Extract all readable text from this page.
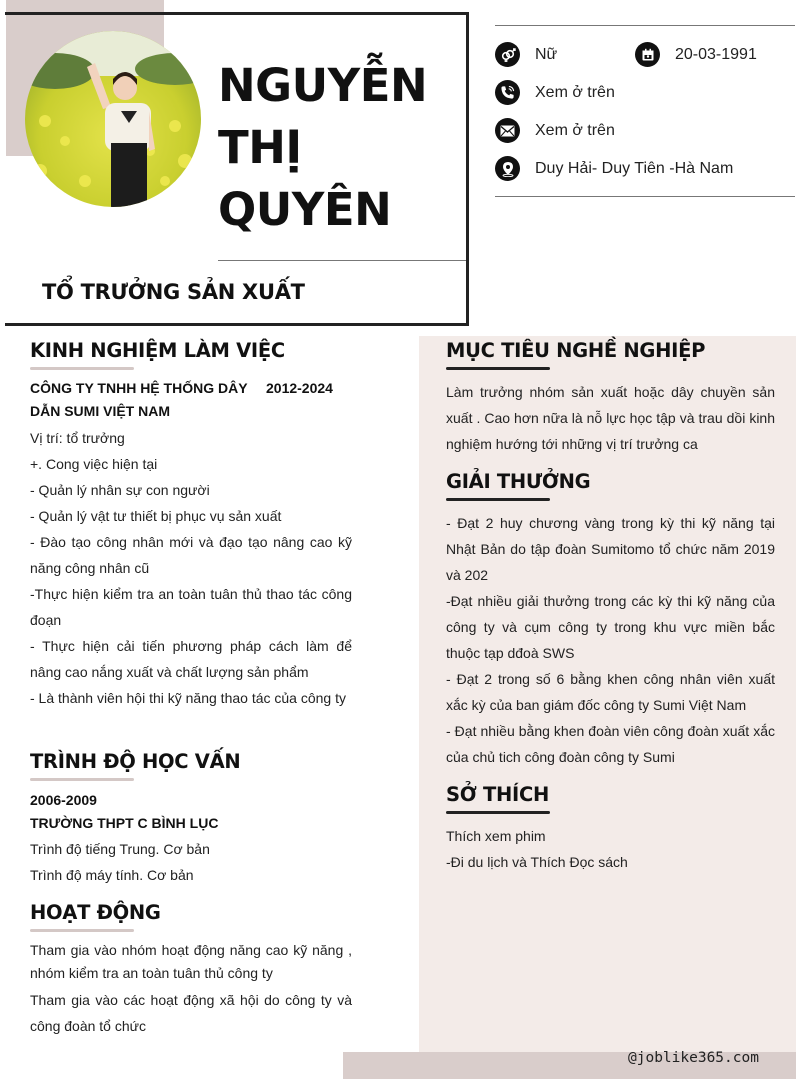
NGUYỄN
THỊ
QUYÊN
TỔ TRƯỞNG SẢN XUẤT
Nữ	20-03-1991
Xem ở trên
Xem ở trên
Duy Hải- Duy Tiên -Hà Nam
KINH NGHIỆM LÀM VIỆC
CÔNG TY TNHH HỆ THỐNG DÂY
DẪN SUMI VIỆT NAM
2012-2024
Vị trí: tổ trưởng
+. Cong việc hiện tại
- Quản lý nhân sự con người
- Quản lý vật tư thiết bị phục vụ sản xuất
- Đào tạo công nhân mới và đạo tạo nâng cao kỹ năng công nhân cũ
-Thực hiện kiểm tra an toàn tuân thủ thao tác công đoạn
- Thực hiện cải tiến phương pháp cách làm để nâng cao nắng xuất và chất lượng sản phẩm
- Là thành viên hội thi kỹ năng thao tác của công ty
TRÌNH ĐỘ HỌC VẤN
2006-2009
TRƯỜNG THPT C BÌNH LỤC
Trình độ tiếng Trung. Cơ bản
Trình độ máy tính. Cơ bản
HOẠT ĐỘNG
Tham gia vào nhóm hoạt động năng cao kỹ năng , nhóm kiểm tra an toàn tuân thủ công ty
Tham gia vào các hoạt động xã hội do công ty và công đoàn tổ chức
MỤC TIÊU NGHỀ NGHIỆP
Làm trưởng nhóm sản xuất hoặc dây chuyền sản xuất . Cao hơn nữa là nỗ lực học tập và trau dồi kinh nghiệm hướng tới những vị trí trưởng ca
GIẢI THƯỞNG
- Đạt 2 huy chương vàng trong kỳ thi kỹ năng tại Nhật Bản do tập đoàn Sumitomo tổ chức năm 2019 và 202
-Đạt nhiều giải thưởng trong các kỳ thi kỹ năng của công ty và cụm công ty trong khu vực miền bắc thuộc tạp dđoà SWS
- Đạt 2 trong số 6 bằng khen công nhân viên xuất xắc kỳ của ban giám đốc công ty Sumi Việt Nam
- Đạt nhiều bằng khen đoàn viên công đoàn xuất xắc của chủ tich công đoàn công ty Sumi
SỞ THÍCH
Thích xem phim
-Đi du lịch và Thích Đọc sách
@joblike365.com
